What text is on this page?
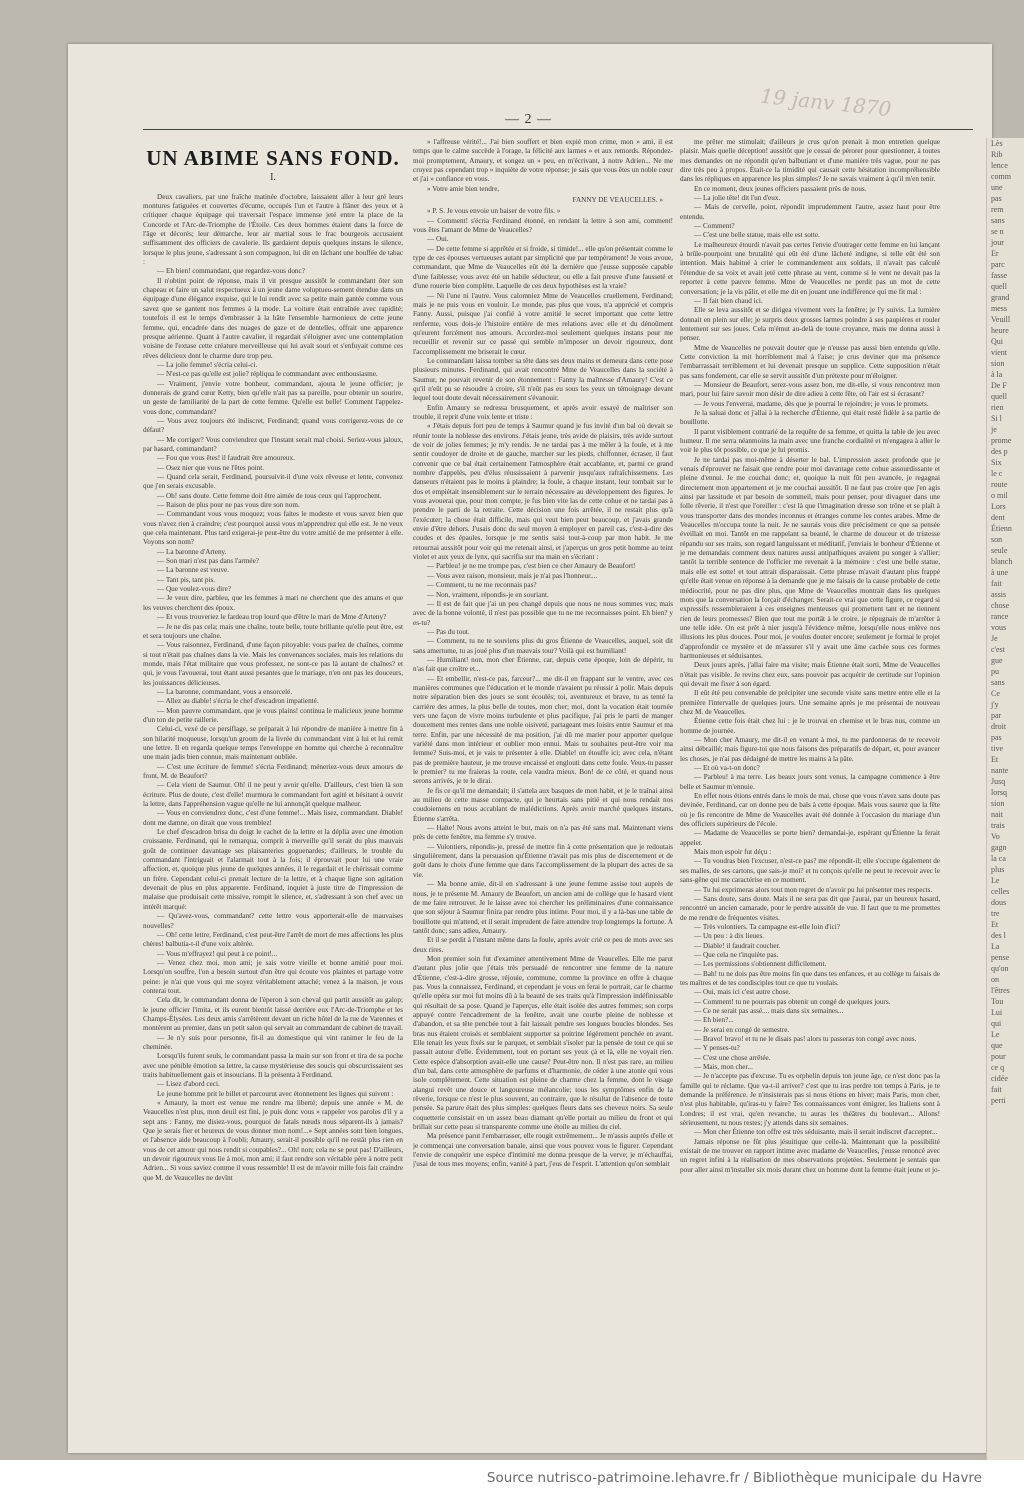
19 janv 1870
Lès
Rib
lence
comm
une
pas
rem
sans
se n
jour
Er
parc
fasse
quell
grand
mess
Veuill
heure
Qui
vient
sion
à la
De F
quell
rien
Si l
je
prome
des p
Six
le c
route
o mil
Lors
dent
Étienn
son
seule
blanch
à une
fait
assis
chose
rance
vous
Je
c'est
gue
pu
sans
Ce
j'y
par
droit
pas
tive
Et
nante
Jusq
lorsq
sion
nait
trais
Vo
gagn
la ca
plus
Le
celles
dous
tre
Et
des l
La
pense
qu'on
on
l'êtres
Tou
Lui
qui
Le
que
pour
ce q
cidée
fait
perti
— 2 —
UN ABIME SANS FOND.
I.

Deux cavaliers, par une fraîche matinée d'octobre, laissaient aller à leur gré leurs montures fatiguées et couvertes d'écume, occupés l'un et l'autre à flâner des yeux et à critiquer chaque équipage qui traversait l'espace immense jeté entre la place de la Concorde et l'Arc-de-Triomphe de l'Étoile. Ces deux hommes étaient dans la force de l'âge et décorés; leur démarche, leur air martial sous le frac bourgeois accusaient suffisamment des officiers de cavalerie. Ils gardaient depuis quelques instans le silence, lorsque le plus jeune, s'adressant à son compagnon, lui dit en lâchant une bouffée de tabac :

— Eh bien! commandant, que regardez-vous donc?

Il n'obtint point de réponse, mais il vit presque aussitôt le commandant ôter son chapeau et faire un salut respectueux à un jeune dame voluptueu-sement étendue dans un équipage d'une élégance exquise, qui le lui rendit avec sa petite main gantée comme vous savez que se gantent nos femmes à la mode. La voiture était entraînée avec rapidité; toutefois il est le temps d'embrasser à la hâte l'ensemble harmonieux de cette jeune femme, qui, encadrée dans des nuages de gaze et de dentelles, offrait une apparence presque aérienne. Quant à l'autre cavalier, il regardait s'éloigner avec une contemplation voisine de l'extase cette créature merveilleuse qui lui avait souri et s'enfuyait comme ces rêves délicieux dont le charme dure trop peu.

— La jolie femme! s'écria celui-ci.

— N'est-ce pas qu'elle est jolie? répliqua le commandant avec enthousiasme.

— Vraiment, j'envie votre bonheur, commandant, ajouta le jeune officier; je donnerais de grand cœur Ketty, bien qu'elle n'ait pas sa pareille, pour obtenir un sourire, un geste de familiarité de la part de cette femme. Qu'elle est belle! Comment l'appelez-vous donc, commandant?

— Vous avez toujours été indiscret, Ferdinand; quand vous corrigerez-vous de ce défaut?

— Me corriger? Vous conviendrez que l'instant serait mal choisi. Seriez-vous jaloux, par hasard, commandant?

— Fou que vous êtes! il faudrait être amoureux.

— Osez nier que vous ne l'êtes point.

— Quand cela serait, Ferdinand, poursuivit-il d'une voix rêveuse et lente, convenez que j'en serais excusable.

— Oh! sans doute. Cette femme doit être aimée de tous ceux qui l'approchent.

— Raison de plus pour ne pas vous dire son nom.

— Commandant vous vous moquez; vous faites le modeste et vous savez bien que vous n'avez rien à craindre; c'est pourquoi aussi vous m'apprendrez qui elle est. Je ne veux que cela maintenant. Plus tard exigerai-je peut-être du votre amitié de me présenter à elle. Voyons son nom?

— La baronne d'Arteny.

— Son mari n'est pas dans l'armée?

— La baronne est veuve.

— Tant pis, tant pis.

— Que voulez-vous dire?

— Je veux dire, parbleu, que les femmes à mari ne cherchent que des amans et que les veuves cherchent des époux.

— Et vous trouveriez le fardeau trop lourd que d'être le mari de Mme d'Arteny?

— Je ne dis pas cela; mais une chaîne, toute belle, toute brillante qu'elle peut être, est et sera toujours une chaîne.

— Vous raisonnez, Ferdinand, d'une façon pitoyable: vous parlez de chaînes, comme si tout n'était pas chaînes dans la vie. Mais les convenances sociales, mais les relations du monde, mais l'état militaire que vous professez, ne sont-ce pas là autant de chaînes? et qui, je vous l'avouerai, tout étant aussi pesantes que le mariage, n'en ont pas les douceurs, les jouissances délicieuses.

— La baronne, commandant, vous a ensorcelé.

— Allez au diable! s'écria le chef d'escadron impatienté.

— Mon pauvre commandant, que je vous plains! continua le malicieux jeune homme d'un ton de petite raillerie.

Celui-ci, vexé de ce persiflage, se préparait à lui répondre de manière à mettre fin à son hilarité moqueuse, lorsqu'un groom de la livrée du commandant vint à lui et lui remit une lettre. Il en regarda quelque temps l'enveloppe en homme qui cherche à reconnaître une main jadis bien connue, mais maintenant oubliée.

— C'est une écriture de femme! s'écria Ferdinand; méneriez-vous deux amours de front, M. de Beaufort?

— Cela vient de Saumur. Oh! il ne peut y avoir qu'elle. D'ailleurs, c'est bien là son écriture. Plus de doute, c'est d'elle! murmura le commandant fort agité et hésitant à ouvrir la lettre, dans l'appréhension vague qu'elle ne lui annonçât quelque malheur.

— Vous en conviendrez donc, c'est d'une femme!... Mais lisez, commandant. Diable! dont me damne, on dirait que vous tremblez!

Le chef d'escadron brisa du doigt le cachet de la lettre et la déplia avec une émotion croissante. Ferdinand, qui le remarqua, comprit à merveille qu'il serait du plus mauvais goût de continuer davantage ses plaisanteries goguenardes; d'ailleurs, le trouble du commandant l'intriguait et l'alarmait tout à la fois; il éprouvait pour lui une vraie affection, et, quoique plus jeune de quelques années, il le regardait et le chérissait comme un frère. Cependant celui-ci prenait lecture de la lettre, et à chaque ligne son agitation devenait de plus en plus apparente. Ferdinand, inquiet à juste titre de l'impression de malaise que produisait cette missive, rompit le silence, et, s'adressant à son chef avec un intérêt marqué:

— Qu'avez-vous, commandant? cette lettre vous apporterait-elle de mauvaises nouvelles?

— Oh! cette lettre, Ferdinand, c'est peut-être l'arrêt de mort de mes affections les plus chères! balbutia-t-il d'une voix altérée.

— Vous m'effrayez! qui peut à ce point!...

— Venez chez moi, mon ami; je sais votre vieille et bonne amitié pour moi. Lorsqu'on souffre, l'on a besoin surtout d'un être qui écoute vos plaintes et partage votre peine: je n'ai que vous qui me soyez véritablement attaché; venez à la maison, je vous conterai tout.

Cela dit, le commandant donna de l'éperon à son cheval qui partit aussitôt au galop; le jeune officier l'imita, et ils eurent bientôt laissé derrière eux l'Arc-de-Triomphe et les Champs-Élysées. Les deux amis s'arrêtèrent devant un riche hôtel de la rue de Varennes et montèrent au premier, dans un petit salon qui servait au commandant de cabinet de travail.

— Je n'y suis pour personne, fit-il au domestique qui vint ranimer le feu de la cheminée.

Lorsqu'ils furent seuls, le commandant passa la main sur son front et tira de sa poche avec une pénible émotion sa lettre, la cause mystérieuse des soucis qui obscurcissaient ses traits habituellement gais et insoucians. Il la présenta à Ferdinand.

— Lisez d'abord ceci.

Le jeune homme prit le billet et parcourut avec étonnement les lignes qui suivent :

« Amaury, la mort est venue me rendre ma liberté; depuis une année » M. de Veaucelles n'est plus, mon deuil est fini, je puis donc vous » rappeler vos paroles d'il y a sept ans : Fanny, me disiez-vous, pourquoi de fatals nœuds nous séparent-ils à jamais? Que je serais fier et heureux de vous donner mon nom!...» Sept années sont bien longues, et l'absence aide beaucoup à l'oubli; Amaury, serait-il possible qu'il ne restât plus rien en vous de cet amour qui nous rendit si coupables?... Oh! non; cela ne se peut pas! D'ailleurs, un devoir rigoureux vous lie à moi, mon ami; il faut rendre son véritable père à notre petit Adrien... Si vous saviez comme il vous ressemble! Il est de m'avoir mille fois fait craindre que M. de Veaucelles ne devînt

» l'affreuse vérité!... J'ai bien souffert et bien expié mon crime, mon » ami, il est temps que le calme succède à l'orage, la félicité aux larmes » et aux remords. Répondez-moi promptement, Amaury, et songez un » peu, en m'écrivant, à notre Adrien... Ne me croyez pas cependant trop » inquiète de votre réponse; je sais que vous êtes un noble cœur et j'ai » confiance en vous.

» Votre amie bien tendre,

FANNY DE VEAUCELLES. »

» P. S. Je vous envoie un baiser de votre fils. »

— Comment! s'écria Ferdinand étonné, en rendant la lettre à son ami, comment! vous êtes l'amant de Mme de Veaucelles?

— Oui.

— De cette femme si apprêtée et si froide, si timide!... elle qu'on présentait comme le type de ces épouses vertueuses autant par simplicité que par tempérament! Je vous avoue, commandant, que Mme de Veaucelles eût été la dernière que j'eusse supposée capable d'une faiblesse; vous avez été un habile séducteur, ou elle a fait preuve d'une fausseté et d'une rouerie bien complète. Laquelle de ces deux hypothèses est la vraie?

— Ni l'une ni l'autre. Vous calomniez Mme de Veaucelles cruellement, Ferdinand; mais je ne puis vous en vouloir. Le monde, pas plus que vous, n'a apprécié et compris Fanny. Aussi, puisque j'ai confié à votre amitié le secret important que cette lettre renferme, vous dois-je l'histoire entière de mes relations avec elle et du dénoûment qu'eurent forcément nos amours. Accordez-moi seulement quelques instans pour me recueillir et revenir sur ce passé qui semble m'imposer un devoir rigoureux, dont l'accomplissement me briserait le cœur.

Le commandant laissa tomber sa tête dans ses deux mains et demeura dans cette pose plusieurs minutes. Ferdinand, qui avait rencontré Mme de Veaucelles dans la société à Saumur, ne pouvait revenir de son étonnement : Fanny la maîtresse d'Amaury! C'est ce qu'il n'eût pu se résoudre à croire, s'il n'eût pas eu sous les yeux un témoignage devant lequel tout doute devait nécessairement s'évanouir.

Enfin Amaury se redressa brusquement, et après avoir essayé de maîtriser son trouble, il reprit d'une voix lente et triste :

« J'étais depuis fort peu de temps à Saumur quand je fus invité d'un bal où devait se réunir toute la noblesse des environs. J'étais jeune, très avide de plaisirs, très avide surtout de voir de jolies femmes; je m'y rendis. Je ne tardai pas à me mêler à la foule, et à me sentir coudoyer de droite et de gauche, marcher sur les pieds, chiffonner, écraser, il faut convenir que ce bal était certainement l'atmosphère était accablante, et, parmi ce grand nombre d'appelés, peu d'élus réussissaient à parvenir jusqu'aux rafraîchissemens. Les danseurs n'étaient pas le moins à plaindre; la foule, à chaque instant, leur tombait sur le dos et empiétait insensiblement sur le terrain nécessaire au développement des figures. Je vous avouerai que, pour mon compte, je fus bien vite las de cette cohue et ne tardai pas à prendre le parti de la retraite. Cette décision une fois arrêtée, il ne restait plus qu'à l'exécuter; la chose était difficile, mais qui veut bien peut beaucoup, et j'avais grande envie d'être dehors. J'usais donc du seul moyen à employer en pareil cas, c'est-à-dire des coudes et des épaules, lorsque je me sentis saisi tout-à-coup par mon habit. Je me retournai aussitôt pour voir qui me retenait ainsi, et j'aperçus un gros petit homme au teint violet et aux yeux de lynx, qui sacrifia sur ma main en s'écriant :

— Parbleu! je ne me trompe pas, c'est bien ce cher Amaury de Beaufort!

— Vous avez raison, monsieur, mais je n'ai pas l'honneur....

— Comment, tu ne me reconnais pas?

— Non, vraiment, répondis-je en souriant.

— Il est de fait que j'ai un peu changé depuis que nous ne nous sommes vus; mais avec de la bonne volonté, il n'est pas possible que tu ne me reconnaisses point. Eh bien? y es-tu?

— Pas du tout.

— Comment, tu ne te souviens plus du gros Étienne de Veaucelles, auquel, soit dit sans amertume, tu as joué plus d'un mauvais tour? Voilà qui est humiliant!

— Humiliant! non, mon cher Étienne, car, depuis cette époque, loin de dépérir, tu n'as fait que croître et...

— Et embellir, n'est-ce pas, farceur?... me dit-il en frappant sur le ventre, avec ces manières communes que l'éducation et le monde n'avaient pu réussir à polir. Mais depuis notre séparation bien des jours se sont écoulés; toi, aventureux et brave, tu as tenté la carrière des armes, la plus belle de toutes, mon cher; moi, dont la vocation était tournée vers une façon de vivre moins turbulente et plus pacifique, j'ai pris le parti de manger doucement mes rentes dans une noble oisiveté, partageant mes loisirs entre Saumur et ma terre. Enfin, par une nécessité de ma position, j'ai dû me marier pour apporter quelque variété dans mon intérieur et oublier mon ennui. Mais tu souhaites peut-être voir ma femme? Suis-moi, et je vais te présenter à elle. Diable! on étouffe ici; avec cela, n'étant pas de première hauteur, je me trouve encaissé et englouti dans cette foule. Veux-tu passer le premier? tu me fraieras la route, cela vaudra mieux. Bon! de ce côté, et quand nous serons arrivés, je te le dirai.

Je fis ce qu'il me demandait; il s'attela aux basques de mon habit, et je le traînai ainsi au milieu de cette masse compacte, qui je heurtais sans pitié et qui nous rendait nos coudoiemens en nous accablant de malédictions. Après avoir marché quelques instans, Étienne s'arrêta.

— Halte! Nous avons atteint le but, mais on n'a pas été sans mal. Maintenant viens près de cette fenêtre, ma femme s'y trouve.

— Volontiers, répondis-je, pressé de mettre fin à cette présentation que je redoutais singulièrement, dans la persuasion qu'Étienne n'avait pas mis plus de discernement et de goût dans le choix d'une femme que dans l'accomplissement de la plupart des actes de sa vie.

— Ma bonne amie, dit-il en s'adressant à une jeune femme assise tout auprès de nous, je te présente M. Amaury de Beaufort, un ancien ami de collège que le hasard vient de me faire retrouver. Je le laisse avec toi chercher les préliminaires d'une connaissance que son séjour à Saumur finira par rendre plus intime. Pour moi, il y a là-bas une table de bouillotte qui m'attend, et il serait imprudent de faire attendre trop longtemps la fortune. À tantôt donc; sans adieu, Amaury.

Et il se perdit à l'instant même dans la foule, après avoir crié ce peu de mots avec ses deux rires.

Mon premier soin fut d'examiner attentivement Mme de Veaucelles. Elle me parut d'autant plus jolie que j'étais très persuadé de rencontrer une femme de la nature d'Étienne, c'est-à-dire grosse, réjouie, commune, comme la province en offre à chaque pas. Vous la connaissez, Ferdinand, et cependant je vous en ferai le portrait, car le charme qu'elle opéra sur moi fut moins dû à la beauté de ses traits qu'à l'impression indéfinissable qui résultait de sa pose. Quand je l'aperçus, elle était isolée des autres femmes; son corps appuyé contre l'encadrement de la fenêtre, avait une courbe pleine de noblesse et d'abandon, et sa tête penchée tout à fait laissait pendre ses longues boucles blondes. Ses bras nus étaient croisés et semblaient supporter sa poitrine légèrement penchée en avant. Elle tenait les yeux fixés sur le parquet, et semblait s'isoler par la pensée de tout ce qui se passait autour d'elle. Évidemment, tout en portant ses yeux çà et là, elle ne voyait rien. Cette espèce d'absorption avait-elle une cause? Peut-être non. Il n'est pas rare, au milieu d'un bal, dans cette atmosphère de parfums et d'harmonie, de céder à une atonie qui vous isole complétement. Cette situation est pleine de charme chez la femme, dont le visage alangui revêt une douce et langoureuse mélancolie; tous les symptômes enfin de la rêverie, lorsque ce n'est le plus souvent, au contraire, que le résultat de l'absence de toute pensée. Sa parure était des plus simples: quelques fleurs dans ses cheveux noirs. Sa seule coquetterie consistait en un assez beau diamant qu'elle portait au milieu du front et qui brillait sur cette peau si transparente comme une étoile au milieu du ciel.

Ma présence parut l'embarrasser, elle rougit extrêmement... Je m'assis auprès d'elle et je commençai une conversation banale, ainsi que vous pouvez vous le figurer. Cependant l'envie de conquérir une espèce d'intimité me donna presque de la verve; je m'échauffai, j'usai de tous mes moyens; enfin, vanité à part, j'eus de l'esprit. L'attention qu'on semblait

me prêter me stimulait; d'ailleurs je crus qu'on prenait à mon entretien quelque plaisir. Mais quelle déception! aussitôt que je cessai de pérorer pour questionner, à toutes mes demandes on ne répondit qu'en balbutiant et d'une manière très vague, pour ne pas dire très peu à propos. Était-ce la timidité qui causait cette hésitation incompréhensible dans les répliques en apparence les plus simples? Je ne savais vraiment à qu'il m'en tenir.

En ce moment, deux jeunes officiers passaient près de nous.

— La jolie tête! dit l'un d'eux.

— Mais de cervelle, point, répondit imprudemment l'autre, assez haut pour être entendu.

— Comment?

— C'est une belle statue, mais elle est sotte.

Le malheureux étourdi n'avait pas certes l'envie d'outrager cette femme en lui lançant à brûle-pourpoint une brutalité qui eût été d'une lâcheté indigne, si telle eût été son intention. Mais habitué à crier le commandement aux soldats, il n'avait pas calculé l'étendue de sa voix et avait jeté cette phrase au vent, comme si le vent ne devait pas la reporter à cette pauvre femme. Mme de Veaucelles ne perdit pas un mot de cette conversation; je la vis pâlir, et elle me dit en jouant une indifférence qui me fit mal :

— Il fait bien chaud ici.

Elle se leva aussitôt et se dirigea vivement vers la fenêtre; je l'y suivis. La lumière donnait en plein sur elle; je surpris deux grosses larmes poindre à ses paupières et rouler lentement sur ses joues. Cela m'émut au-delà de toute croyance, mais me donna aussi à penser.

Mme de Veaucelles ne pouvait douter que je n'eusse pas aussi bien entendu qu'elle. Cette conviction la mit horriblement mal à l'aise; je crus deviner que ma présence l'embarrassait terriblement et lui devenait presque un supplice. Cette supposition n'était pas sans fondement, car elle se servit aussitôt d'un prétexte pour m'éloigner.

— Monsieur de Beaufort, serez-vous assez bon, me dit-elle, si vous rencontrez mon mari, pour lui faire savoir mon désir de dire adieu à cette fête, où l'air est si écrasant?

— Je vous l'enverrai, madame, dès que je pourrai le rejoindre; je vous le promets.

Je la saluai donc et j'allai à la recherche d'Étienne, qui était resté fidèle à sa partie de bouillotte.

Il parut visiblement contrarié de la requête de sa femme, et quitta la table de jeu avec humeur. Il me serra néanmoins la main avec une franche cordialité et m'engagea à aller le voir le plus tôt possible, ce que je lui promis.

Je ne tardai pas moi-même à déserter le bal. L'impression assez profonde que je venais d'éprouver ne faisait que rendre pour moi davantage cette cohue assourdissante et pleine d'ennui. Je me couchai donc; et, quoique la nuit fût peu avancée, je regagnai directement mon appartement et je me couchai aussitôt. Il ne faut pas croire que j'en agis ainsi par lassitude et par besoin de sommeil, mais pour penser, pour divaguer dans une folle rêverie, il n'est que l'oreiller : c'est là que l'imagination dresse son trône et se plaît à vous transporter dans des mondes inconnus et étranges comme les contes arabes. Mme de Veaucelles m'occupa toute la nuit. Je ne saurais vous dire précisément ce que sa pensée éveillait en moi. Tantôt en me rappelant sa beauté, le charme de douceur et de tristesse répandu sur ses traits, son regard languissant et méditatif, j'enviais le bonheur d'Étienne et je me demandais comment deux natures aussi antipathiques avaient pu songer à s'allier; tantôt la terrible sentence de l'officier me revenait à la mémoire : c'est une belle statue, mais elle est sotte! et tout attrait disparaissait. Cette phrase m'avait d'autant plus frappé qu'elle était venue en réponse à la demande que je me faisais de la cause probable de cette médiocrité, pour ne pas dire plus, que Mme de Veaucelles montrait dans les quelques mots que la conversation la forçait d'échanger. Serait-ce vrai que cette figure, ce regard si expressifs ressembleraient à ces enseignes menteuses qui promettent tant et ne tiennent rien de leurs promesses? Bien que tout me portât à le croire, je répugnais de m'arrêter à une telle idée. On est prêt à nier jusqu'à l'évidence même, lorsqu'elle nous enlève nos illusions les plus douces. Pour moi, je voulus douter encore; seulement je formai le projet d'approfondir ce mystère et de m'assurer s'il y avait une âme cachée sous ces formes harmonieuses et séduisantes.

Deux jours après, j'allai faire ma visite; mais Étienne était sorti, Mme de Veaucelles n'était pas visible. Je revins chez eux, sans pouvoir pas acquérir de certitude sur l'opinion qui devait me fixer à son égard.

Il eût été peu convenable de précipiter une seconde visite sans mettre entre elle et la première l'intervalle de quelques jours. Une semaine après je me présentai de nouveau chez M. de Veaucelles.

Étienne cette fois était chez lui : je le trouvai en chemise et le bras nus, comme un homme de journée.

— Mon cher Amaury, me dit-il en venant à moi, tu me pardonneras de te recevoir ainsi débraillé; mais figure-toi que nous faisons des préparatifs de départ, et, pour avancer les choses, je n'ai pas dédaigné de mettre les mains à la pâte.

— Et où va-t-on donc?

— Parbleu! à ma terre. Les beaux jours sont venus, la campagne commence à être belle et Saumur m'ennuie.

En effet nous étions entrés dans le mois de mai, chose que vous n'avez sans doute pas devinée, Ferdinand, car on donne peu de bals à cette époque. Mais vous saurez que la fête où je fis rencontre de Mme de Veaucelles avait été donnée à l'occasion du mariage d'un des officiers supérieurs de l'école.

— Madame de Veaucelles se porte bien? demandai-je, espérant qu'Étienne la ferait appeler.

Mais mon espoir fut déçu :

— Tu voudras bien l'excuser, n'est-ce pas? me répondit-il; elle s'occupe également de ses malles, de ses cartons, que sais-je moi? et tu conçois qu'elle ne peut te recevoir avec le sans-gêne qui me caractérise en ce moment.

— Tu lui exprimeras alors tout mon regret de n'avoir pu lui présenter mes respects.

— Sans doute, sans doute. Mais il ne sera pas dit que j'aurai, par un heureux hasard, rencontré un ancien camarade, pour le perdre aussitôt de vue. Il faut que tu me promettes de me rendre de fréquentes visites.

— Très volontiers. Ta campagne est-elle loin d'ici?

— Un peu : à dix lieues.

— Diable! il faudrait coucher.

— Que cela ne t'inquiète pas.

— Les permissions s'obtiennent difficilement.

— Bah! tu ne dois pas être moins fin que dans tes enfances, et au collège tu faisais de tes maîtres et de tes condisciples tout ce que tu voulais.

— Oui, mais ici c'est autre chose.

— Comment! tu ne pourrais pas obtenir un congé de quelques jours.

— Ce ne serait pas assé.... mais dans six semaines...

— Eh bien?...

— Je serai en congé de semestre.

— Bravo! bravo! et tu ne le disais pas! alors tu passeras ton congé avec nous.

— Y penses-tu?

— C'est une chose arrêtée.

— Mais, mon cher...

— Je n'accepte pas d'excuse. Tu es orphelin depuis ton jeune âge, ce n'est donc pas la famille qui te réclame. Que va-t-il arriver? c'est que tu iras perdre ton temps à Paris, je te demande la préférence. Je n'insisterais pas si nous étions en hiver; mais Paris, mon cher, n'est plus habitable, qu'iras-tu y faire? Tes connaissances vont émigrer, les Italiens sont à Londres; il est vrai, qu'en revanche, tu auras les théâtres du boulevart... Allons! sérieusement, tu nous restes; j'y attends dans six semaines.

— Mon cher Étienne ton offre est très séduisante, mais il serait indiscret d'accepter...

Jamais réponse ne fût plus jésuitique que celle-là. Maintenant que la possibilité existait de me trouver en rapport intime avec madame de Veaucelles, j'eusse renoncé avec un regret infini à la réalisation de mes observations projetées. Seulement je sentais que pour aller ainsi m'installer six mois durant chez un homme dont la femme était jeune et jo-

Source nutrisco-patrimoine.lehavre.fr / Bibliothèque municipale du Havre
